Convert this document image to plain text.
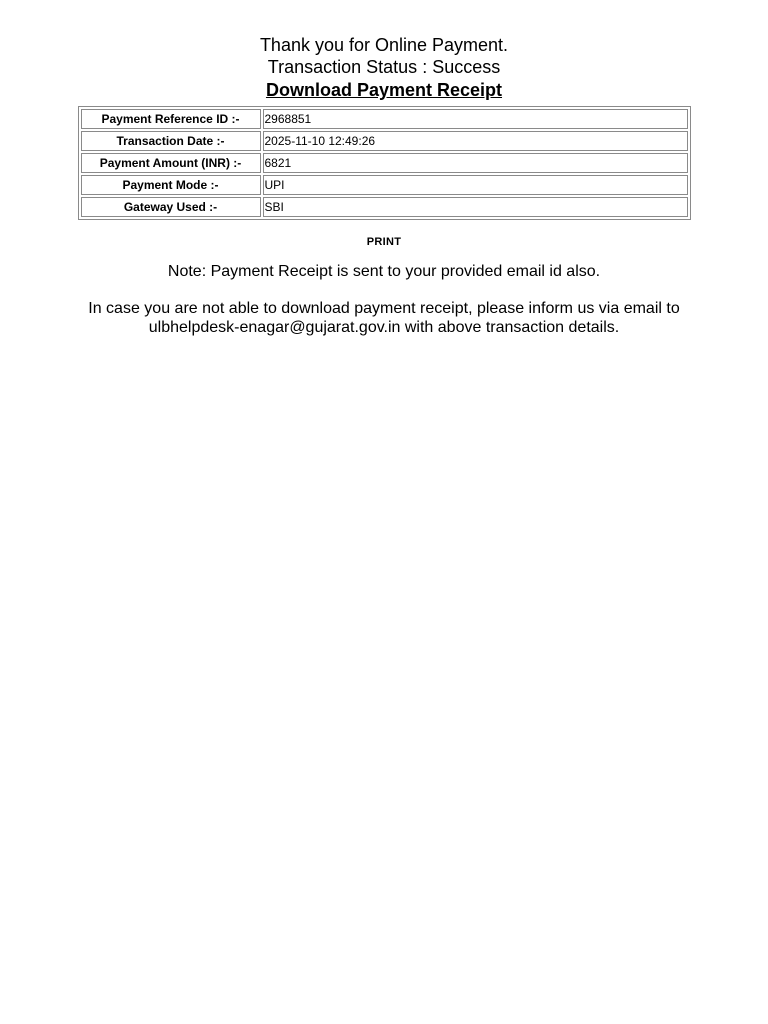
Thank you for Online Payment.

Transaction Status : Success

Download Payment Receipt
Payment Reference ID :-	2968851
Transaction Date :-	2025-11-10 12:49:26
Payment Amount (INR) :-	6821
Payment Mode :-	UPI
Gateway Used :-	SBI
PRINT

Note: Payment Receipt is sent to your provided email id also.

In case you are not able to download payment receipt, please inform us via email to
ulbhelpdesk-enagar@gujarat.gov.in with above transaction details.
